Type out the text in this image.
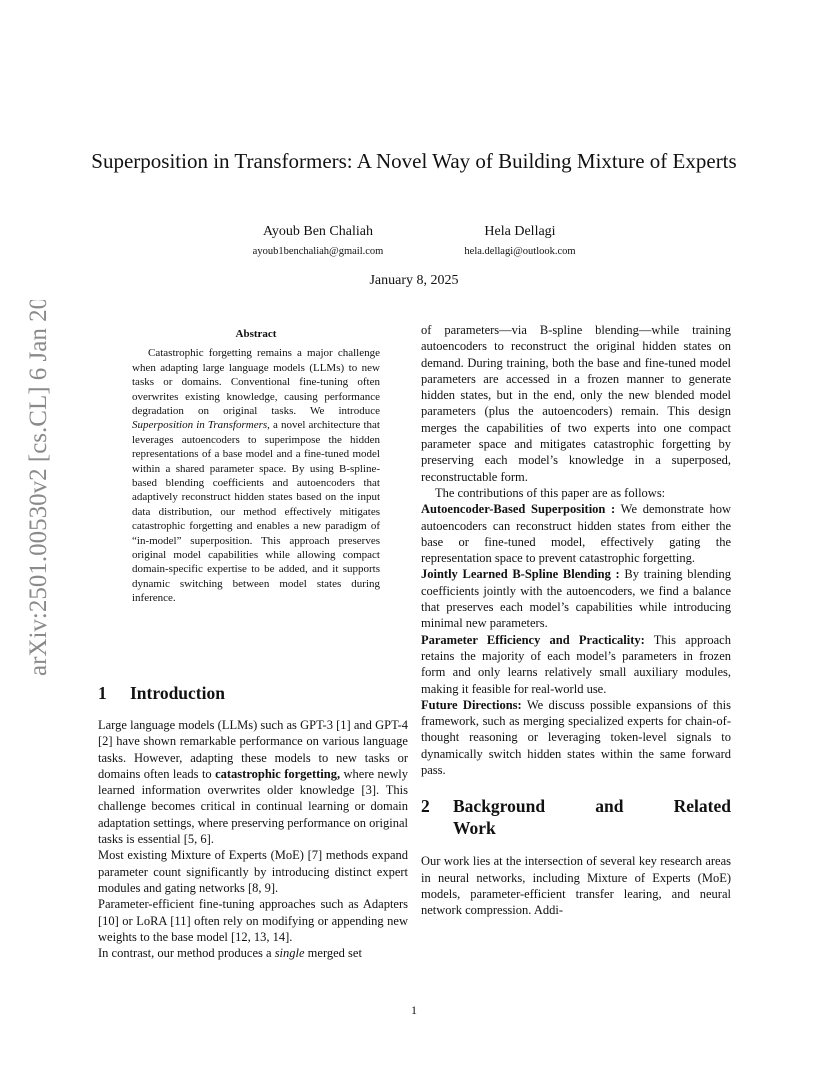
arXiv:2501.00530v2 [cs.CL] 6 Jan 2025
Superposition in Transformers: A Novel Way of Building Mixture of Experts
Ayoub Ben Chaliah
ayoub1benchaliah@gmail.com
Hela Dellagi
hela.dellagi@outlook.com
January 8, 2025
Abstract

Catastrophic forgetting remains a major challenge when adapting large language models (LLMs) to new tasks or domains. Conventional fine-tuning often overwrites existing knowledge, causing performance degradation on original tasks. We introduce Superposition in Transformers, a novel architecture that leverages autoencoders to superimpose the hidden representations of a base model and a fine-tuned model within a shared parameter space. By using B-spline-based blending coefficients and autoencoders that adaptively reconstruct hidden states based on the input data distribution, our method effectively mitigates catastrophic forgetting and enables a new paradigm of “in-model” superposition. This approach preserves original model capabilities while allowing compact domain-specific expertise to be added, and it supports dynamic switching between model states during inference.

1	Introduction

Large language models (LLMs) such as GPT-3 [1] and GPT-4 [2] have shown remarkable performance on various language tasks. However, adapting these models to new tasks or domains often leads to catastrophic forgetting, where newly learned information overwrites older knowledge [3]. This challenge becomes critical in continual learning or domain adaptation settings, where preserving performance on original tasks is essential [5, 6].

Most existing Mixture of Experts (MoE) [7] methods expand parameter count significantly by introducing distinct expert modules and gating networks [8, 9].

Parameter-efficient fine-tuning approaches such as Adapters [10] or LoRA [11] often rely on modifying or appending new weights to the base model [12, 13, 14].

In contrast, our method produces a single merged set

of parameters—via B-spline blending—while training autoencoders to reconstruct the original hidden states on demand. During training, both the base and fine-tuned model parameters are accessed in a frozen manner to generate hidden states, but in the end, only the new blended model parameters (plus the autoencoders) remain. This design merges the capabilities of two experts into one compact parameter space and mitigates catastrophic forgetting by preserving each model’s knowledge in a superposed, reconstructable form.

The contributions of this paper are as follows:

Autoencoder-Based Superposition : We demonstrate how autoencoders can reconstruct hidden states from either the base or fine-tuned model, effectively gating the representation space to prevent catastrophic forgetting.

Jointly Learned B-Spline Blending : By training blending coefficients jointly with the autoencoders, we find a balance that preserves each model’s capabilities while introducing minimal new parameters.

Parameter Efficiency and Practicality: This approach retains the majority of each model’s parameters in frozen form and only learns relatively small auxiliary modules, making it feasible for real-world use.

Future Directions: We discuss possible expansions of this framework, such as merging specialized experts for chain-of-thought reasoning or leveraging token-level signals to dynamically switch hidden states within the same forward pass.

2	Background	and	Related
Work

Our work lies at the intersection of several key research areas in neural networks, including Mixture of Experts (MoE) models, parameter-efficient transfer learing, and neural network compression. Addi-

1
